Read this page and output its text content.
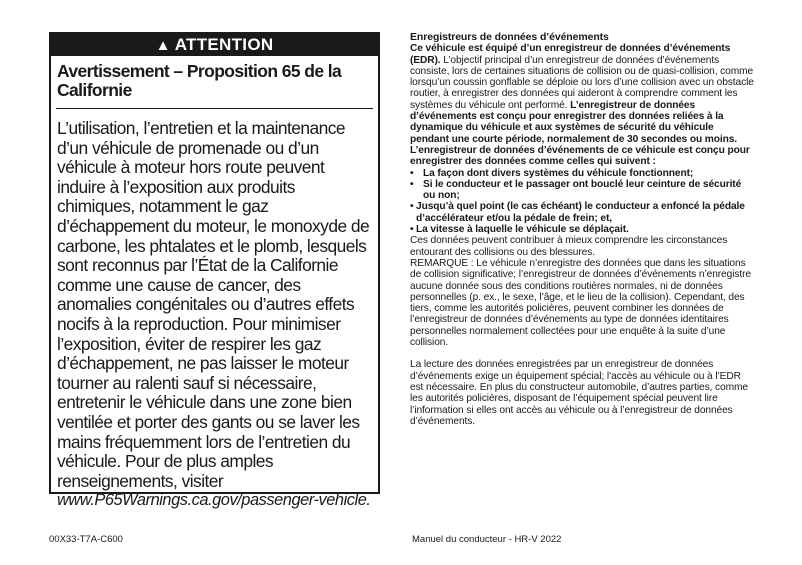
▲ ATTENTION
Avertissement – Proposition 65 de la Californie
L’utilisation, l’entretien et la maintenance d’un véhicule de promenade ou d’un véhicule à moteur hors route peuvent induire à l’exposition aux produits chimiques, notamment le gaz d’échappement du moteur, le monoxyde de carbone, les phtalates et le plomb, lesquels sont reconnus par l’État de la Californie comme une cause de cancer, des anomalies congénitales ou d’autres effets nocifs à la reproduction. Pour minimiser l’exposition, éviter de respirer les gaz d’échappement, ne pas laisser le moteur tourner au ralenti sauf si nécessaire, entretenir le véhicule dans une zone bien ventilée et porter des gants ou se laver les mains fréquemment lors de l’entretien du véhicule. Pour de plus amples renseignements, visiter
www.P65Warnings.ca.gov/passenger-vehicle.

Enregistreurs de données d’événements

Ce véhicule est équipé d’un enregistreur de données d’événements (EDR). L’objectif principal d’un enregistreur de données d’événements consiste, lors de certaines situations de collision ou de quasi-collision, comme lorsqu’un coussin gonflable se déploie ou lors d’une collision avec un obstacle routier, à enregistrer des données qui aideront à comprendre comment les systèmes du véhicule ont performé. L’enregistreur de données d’événements est conçu pour enregistrer des données reliées à la dynamique du véhicule et aux systèmes de sécurité du véhicule pendant une courte période, normalement de 30 secondes ou moins. L’enregistreur de données d’événements de ce véhicule est conçu pour enregistrer des données comme celles qui suivent :

• La façon dont divers systèmes du véhicule fonctionnent;
• Si le conducteur et le passager ont bouclé leur ceinture de sécurité ou non;
• Jusqu’à quel point (le cas échéant) le conducteur a enfoncé la pédale d’accélérateur et/ou la pédale de frein; et,
• La vitesse à laquelle le véhicule se déplaçait.

Ces données peuvent contribuer à mieux comprendre les circonstances entourant des collisions ou des blessures.

REMARQUE : Le véhicule n’enregistre des données que dans les situations de collision significative; l’enregistreur de données d’événements n’enregistre aucune donnée sous des conditions routières normales, ni de données personnelles (p. ex., le sexe, l’âge, et le lieu de la collision). Cependant, des tiers, comme les autorités policières, peuvent combiner les données de l’enregistreur de données d’événements au type de données identitaires personnelles normalement collectées pour une enquête à la suite d’une collision.

La lecture des données enregistrées par un enregistreur de données d’événements exige un équipement spécial; l’accès au véhicule ou à l’EDR est nécessaire. En plus du constructeur automobile, d’autres parties, comme les autorités policières, disposant de l’équipement spécial peuvent lire l’information si elles ont accès au véhicule ou à l’enregistreur de données d’événements.

00X33-T7A-C600	Manuel du conducteur - HR-V 2022
